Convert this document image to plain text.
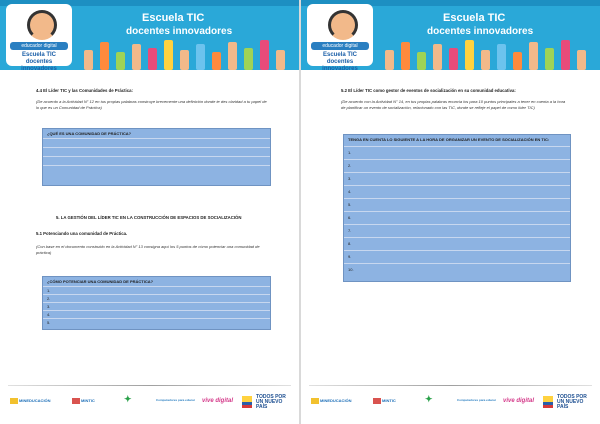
educador digital
Escuela TIC docentes innovadores
Escuela TIC
docentes innovadores
4.4 El Líder TIC y las Comunidades de Práctica:
(De acuerdo a la Actividad N° 12 en tus propias palabras construye brevemente una definición donde te des claridad a tu papel de lo que es un Comunidad de Práctica)
¿QUÉ ES UNA COMUNIDAD DE PRÁCTICA?
5. LA GESTIÓN DEL LÍDER TIC EN LA CONSTRUCCIÓN DE ESPACIOS DE SOCIALIZACIÓN
5.1 Potenciando una comunidad de Práctica.
(Con base en el documento construido en la Actividad N° 13 consigna aquí los 5 puntos de cómo potenciar una comunidad de práctica)
¿CÓMO POTENCIAR UNA COMUNIDAD DE PRÁCTICA?
1.
2.
3.
4.
5.
MINEDUCACIÓN	MINTIC	✦	Computadores para educar vive digital
TODOS POR UN NUEVO PAÍS
educador digital
Escuela TIC docentes innovadores
Escuela TIC
docentes innovadores
5.2 El Líder TIC como gestor de eventos de socialización en su comunidad educativa:
(De acuerdo con la Actividad N° 14, en tus propias palabras enuncia los para 10 puntos principales a tener en cuenta a la hora de planificar un evento de socialización, relacionado con las TIC, donde se refleje el papel de como líder TIC)
TENGA EN CUENTA LO SIGUIENTE A LA HORA DE ORGANIZAR UN EVENTO DE SOCIALIZACIÓN EN TIC:
1.
2.
3.
4.
5.
6.
7.
8.
9.
10.
MINEDUCACIÓN	MINTIC	✦	Computadores para educar vive digital
TODOS POR UN NUEVO PAÍS
